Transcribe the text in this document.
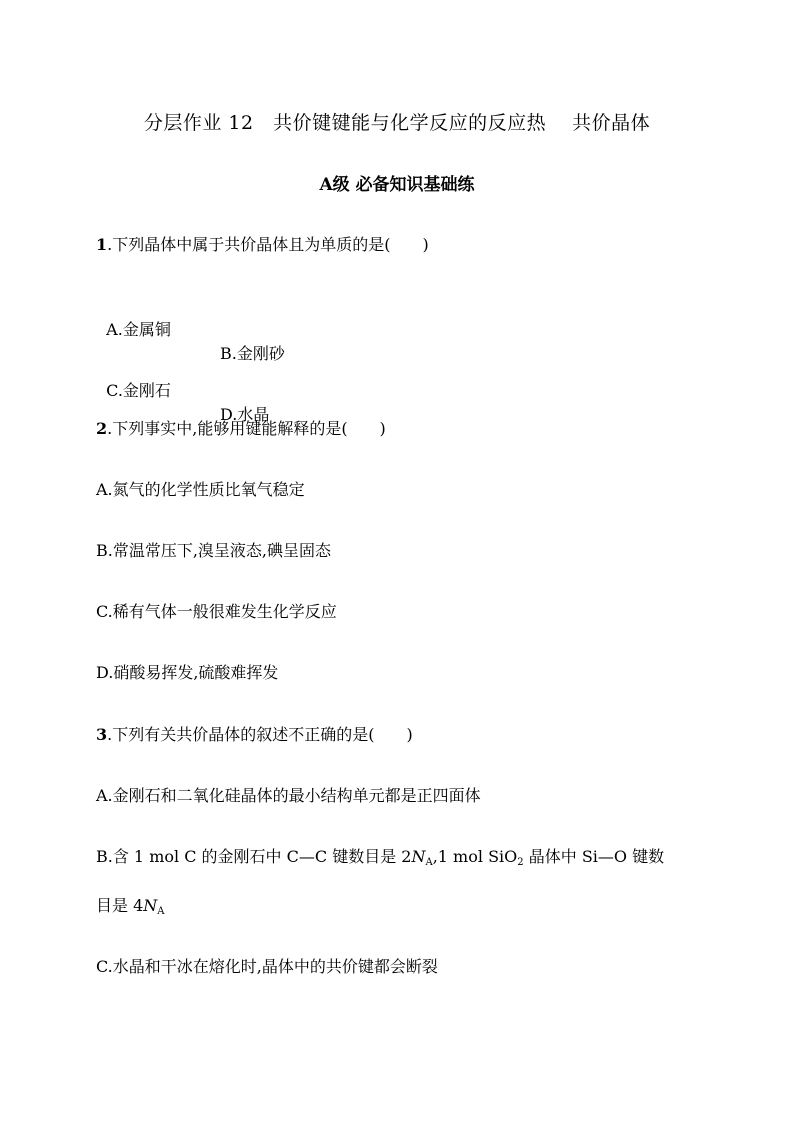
分层作业 12　共价键键能与化学反应的反应热　 共价晶体
A级 必备知识基础练
1.下列晶体中属于共价晶体且为单质的是(　　)

A.金属铜

B.金刚砂

C.金刚石

D.水晶

2.下列事实中,能够用键能解释的是(　　)
A.氮气的化学性质比氧气稳定
B.常温常压下,溴呈液态,碘呈固态
C.稀有气体一般很难发生化学反应
D.硝酸易挥发,硫酸难挥发
3.下列有关共价晶体的叙述不正确的是(　　)
A.金刚石和二氧化硅晶体的最小结构单元都是正四面体
B.含 1 mol C 的金刚石中 C—C 键数目是 $2N_A,1$ mol SiO$_2$ 晶体中 Si—O 键数
目是 $4N_A$
C.水晶和干冰在熔化时,晶体中的共价键都会断裂
